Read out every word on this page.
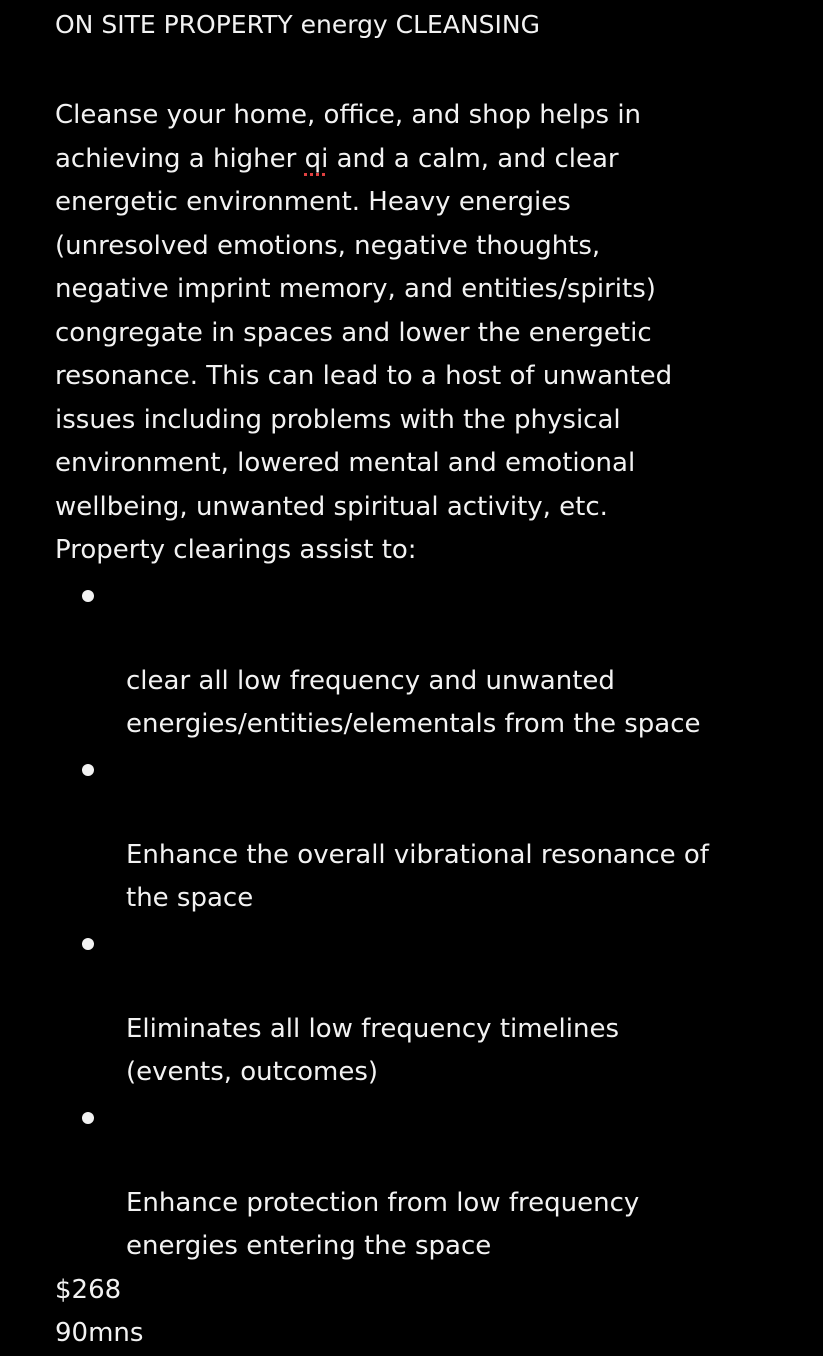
ON SITE PROPERTY energy CLEANSING

Cleanse your home, office, and shop helps in
achieving a higher qi and a calm, and clear
energetic environment. Heavy energies
(unresolved emotions, negative thoughts,
negative imprint memory, and entities/spirits)
congregate in spaces and lower the energetic
resonance. This can lead to a host of unwanted
issues including problems with the physical
environment, lowered mental and emotional
wellbeing, unwanted spiritual activity, etc.

Property clearings assist to:

clear all low frequency and unwanted
energies/entities/elementals from the space

Enhance the overall vibrational resonance of
the space

Eliminates all low frequency timelines
(events, outcomes)

Enhance protection from low frequency
energies entering the space

$268

90mns
